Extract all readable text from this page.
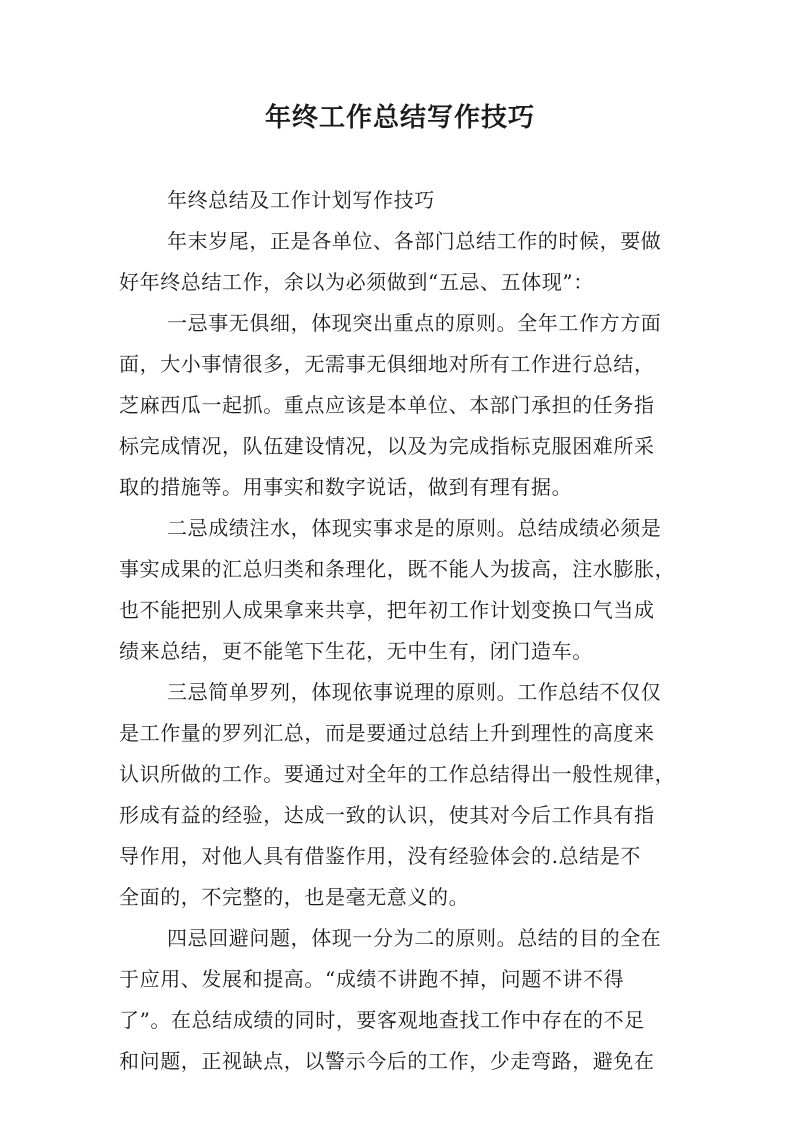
年终工作总结写作技巧
年终总结及工作计划写作技巧
年末岁尾，正是各单位、各部门总结工作的时候，要做
好年终总结工作，余以为必须做到“五忌、五体现”：
一忌事无俱细，体现突出重点的原则。全年工作方方面
面，大小事情很多，无需事无俱细地对所有工作进行总结，
芝麻西瓜一起抓。重点应该是本单位、本部门承担的任务指
标完成情况，队伍建设情况，以及为完成指标克服困难所采
取的措施等。用事实和数字说话，做到有理有据。
二忌成绩注水，体现实事求是的原则。总结成绩必须是
事实成果的汇总归类和条理化，既不能人为拔高，注水膨胀，
也不能把别人成果拿来共享，把年初工作计划变换口气当成
绩来总结，更不能笔下生花，无中生有，闭门造车。
三忌简单罗列，体现依事说理的原则。工作总结不仅仅
是工作量的罗列汇总，而是要通过总结上升到理性的高度来
认识所做的工作。要通过对全年的工作总结得出一般性规律，
形成有益的经验，达成一致的认识，使其对今后工作具有指
导作用，对他人具有借鉴作用，没有经验体会的.总结是不
全面的，不完整的，也是毫无意义的。
四忌回避问题，体现一分为二的原则。总结的目的全在
于应用、发展和提高。“成绩不讲跑不掉，问题不讲不得
了”。在总结成绩的同时，要客观地查找工作中存在的不足
和问题，正视缺点，以警示今后的工作，少走弯路，避免在
